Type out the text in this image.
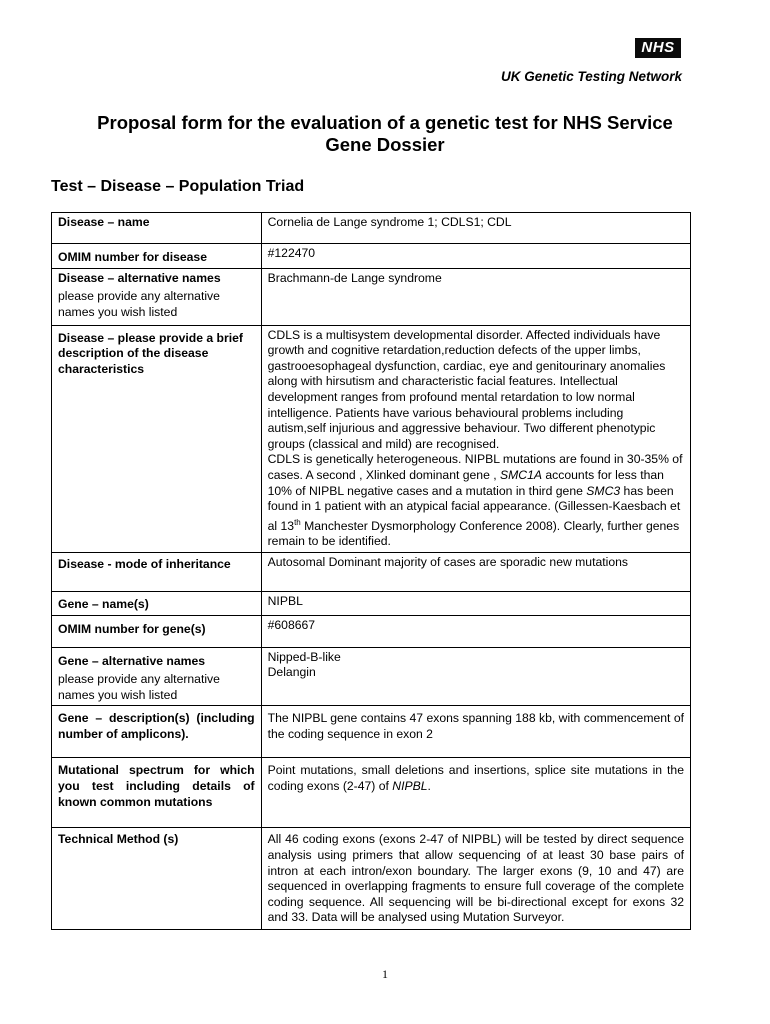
NHS
UK Genetic Testing Network
Proposal form for the evaluation of a genetic test for NHS Service
Gene Dossier
Test – Disease – Population Triad
Disease – name	Cornelia de Lange syndrome 1; CDLS1; CDL
OMIM number for disease	#122470
Disease – alternative names
please provide any alternative names you wish listed	Brachmann-de Lange syndrome
Disease – please provide a brief description of the disease characteristics	CDLS is a multisystem developmental disorder. Affected individuals have growth and cognitive retardation,reduction defects of the upper limbs, gastrooesophageal dysfunction, cardiac, eye and genitourinary anomalies along with hirsutism and characteristic facial features. Intellectual development ranges from profound mental retardation to low normal intelligence. Patients have various behavioural problems including autism,self injurious and aggressive behaviour. Two different phenotypic groups (classical and mild) are recognised.
CDLS is genetically heterogeneous. NIPBL mutations are found in 30-35% of cases. A second , Xlinked dominant gene , SMC1A accounts for less than 10% of NIPBL negative cases and a mutation in third gene SMC3 has been found in 1 patient with an atypical facial appearance. (Gillessen-Kaesbach et al 13th Manchester Dysmorphology Conference 2008). Clearly, further genes remain to be identified.

Disease - mode of inheritance	Autosomal Dominant majority of cases are sporadic new mutations
Gene – name(s)	NIPBL
OMIM number for gene(s)	#608667
Gene – alternative names
please provide any alternative names you wish listed	Nipped-B-like
Delangin

Gene – description(s) (including number of amplicons).	The NIPBL gene contains 47 exons spanning 188 kb, with commencement of the coding sequence in exon 2
Mutational spectrum for which you test including details of known common mutations	Point mutations, small deletions and insertions, splice site mutations in the coding exons (2-47) of NIPBL.
Technical Method (s)	All 46 coding exons (exons 2-47 of NIPBL) will be tested by direct sequence analysis using primers that allow sequencing of at least 30 base pairs of intron at each intron/exon boundary. The larger exons (9, 10 and 47) are sequenced in overlapping fragments to ensure full coverage of the complete coding sequence. All sequencing will be bi-directional except for exons 32 and 33. Data will be analysed using Mutation Surveyor.
1
